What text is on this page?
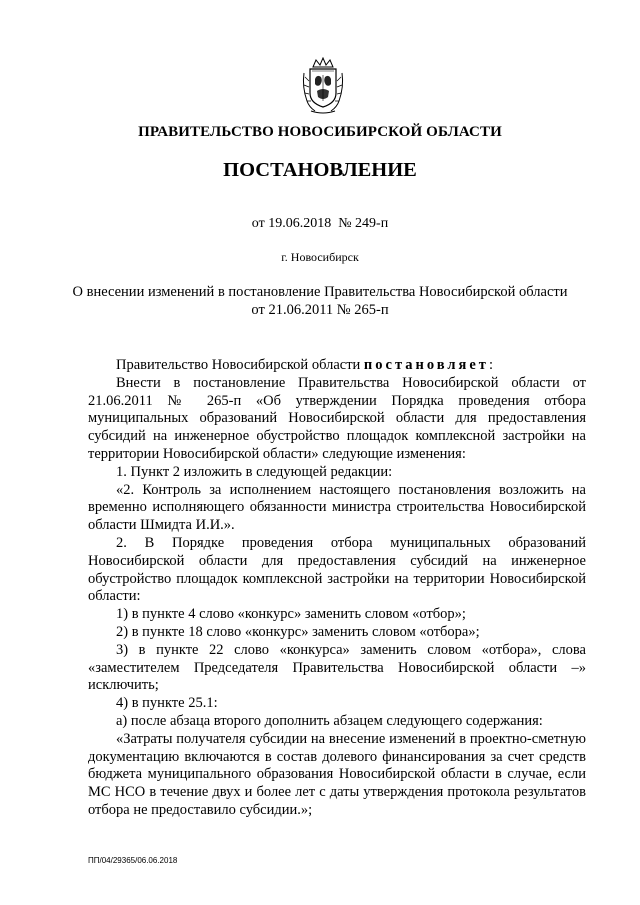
ПРАВИТЕЛЬСТВО НОВОСИБИРСКОЙ ОБЛАСТИ
ПОСТАНОВЛЕНИЕ
от 19.06.2018  № 249-п
г. Новосибирск
О внесении изменений в постановление Правительства Новосибирской области от 21.06.2011 № 265-п

Правительство Новосибирской области постановляет:

Внести в постановление Правительства Новосибирской области от 21.06.2011 № 265-п «Об утверждении Порядка проведения отбора муниципальных образований Новосибирской области для предоставления субсидий на инженерное обустройство площадок комплексной застройки на территории Новосибирской области» следующие изменения:

1. Пункт 2 изложить в следующей редакции:

«2. Контроль за исполнением настоящего постановления возложить на временно исполняющего обязанности министра строительства Новосибирской области Шмидта И.И.».

2. В Порядке проведения отбора муниципальных образований Новосибирской области для предоставления субсидий на инженерное обустройство площадок комплексной застройки на территории Новосибирской области:

1) в пункте 4 слово «конкурс» заменить словом «отбор»;

2) в пункте 18 слово «конкурс» заменить словом «отбора»;

3) в пункте 22 слово «конкурса» заменить словом «отбора», слова «заместителем Председателя Правительства Новосибирской области –» исключить;

4) в пункте 25.1:

а) после абзаца второго дополнить абзацем следующего содержания:

«Затраты получателя субсидии на внесение изменений в проектно-сметную документацию включаются в состав долевого финансирования за счет средств бюджета муниципального образования Новосибирской области в случае, если МС НСО в течение двух и более лет с даты утверждения протокола результатов отбора не предоставило субсидии.»;

ПП/04/29365/06.06.2018
